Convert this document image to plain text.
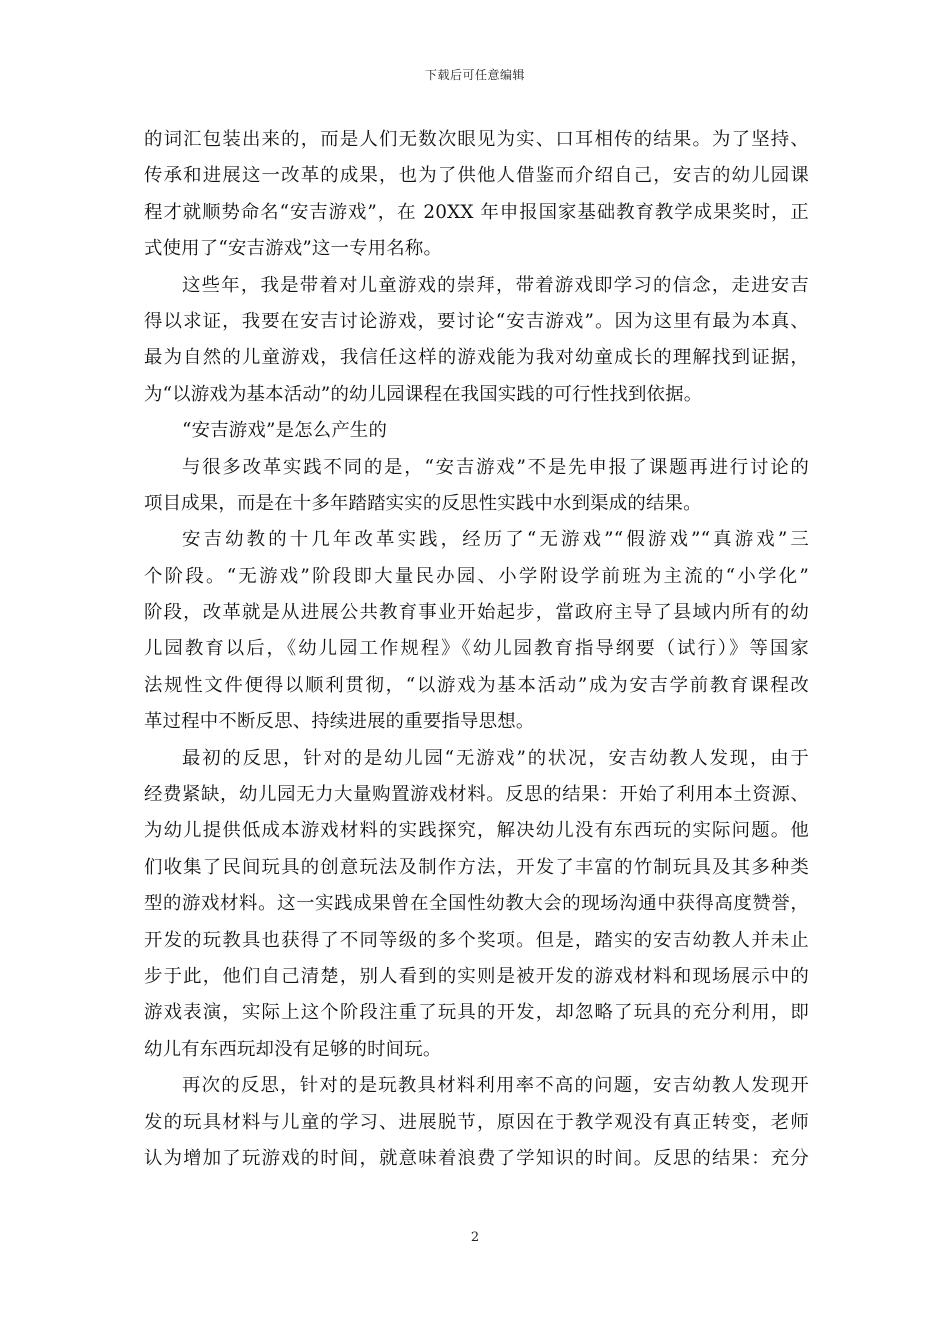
下载后可任意编辑
的词汇包装出来的，而是人们无数次眼见为实、口耳相传的结果。为了坚持、
传承和进展这一改革的成果，也为了供他人借鉴而介绍自己，安吉的幼儿园课
程才就顺势命名“安吉游戏”，在 20XX 年申报国家基础教育教学成果奖时，正
式使用了“安吉游戏”这一专用名称。
这些年，我是带着对儿童游戏的崇拜，带着游戏即学习的信念，走进安吉
得以求证，我要在安吉讨论游戏，要讨论“安吉游戏”。因为这里有最为本真、
最为自然的儿童游戏，我信任这样的游戏能为我对幼童成长的理解找到证据，
为“以游戏为基本活动”的幼儿园课程在我国实践的可行性找到依据。
“安吉游戏”是怎么产生的
与很多改革实践不同的是，“安吉游戏”不是先申报了课题再进行讨论的
项目成果，而是在十多年踏踏实实的反思性实践中水到渠成的结果。
安吉幼教的十几年改革实践，经历了“无游戏”“假游戏”“真游戏”三
个阶段。“无游戏”阶段即大量民办园、小学附设学前班为主流的“小学化”
阶段，改革就是从进展公共教育事业开始起步，當政府主导了县域内所有的幼
儿园教育以后，《幼儿园工作规程》《幼儿园教育指导纲要（试行）》等国家
法规性文件便得以顺利贯彻，“以游戏为基本活动”成为安吉学前教育课程改
革过程中不断反思、持续进展的重要指导思想。
最初的反思，针对的是幼儿园“无游戏”的状况，安吉幼教人发现，由于
经费紧缺，幼儿园无力大量购置游戏材料。反思的结果：开始了利用本土资源、
为幼儿提供低成本游戏材料的实践探究，解决幼儿没有东西玩的实际问题。他
们收集了民间玩具的创意玩法及制作方法，开发了丰富的竹制玩具及其多种类
型的游戏材料。这一实践成果曾在全国性幼教大会的现场沟通中获得高度赞誉，
开发的玩教具也获得了不同等级的多个奖项。但是，踏实的安吉幼教人并未止
步于此，他们自己清楚，别人看到的实则是被开发的游戏材料和现场展示中的
游戏表演，实际上这个阶段注重了玩具的开发，却忽略了玩具的充分利用，即
幼儿有东西玩却没有足够的时间玩。
再次的反思，针对的是玩教具材料利用率不高的问题，安吉幼教人发现开
发的玩具材料与儿童的学习、进展脱节，原因在于教学观没有真正转变，老师
认为增加了玩游戏的时间，就意味着浪费了学知识的时间。反思的结果：充分
2
